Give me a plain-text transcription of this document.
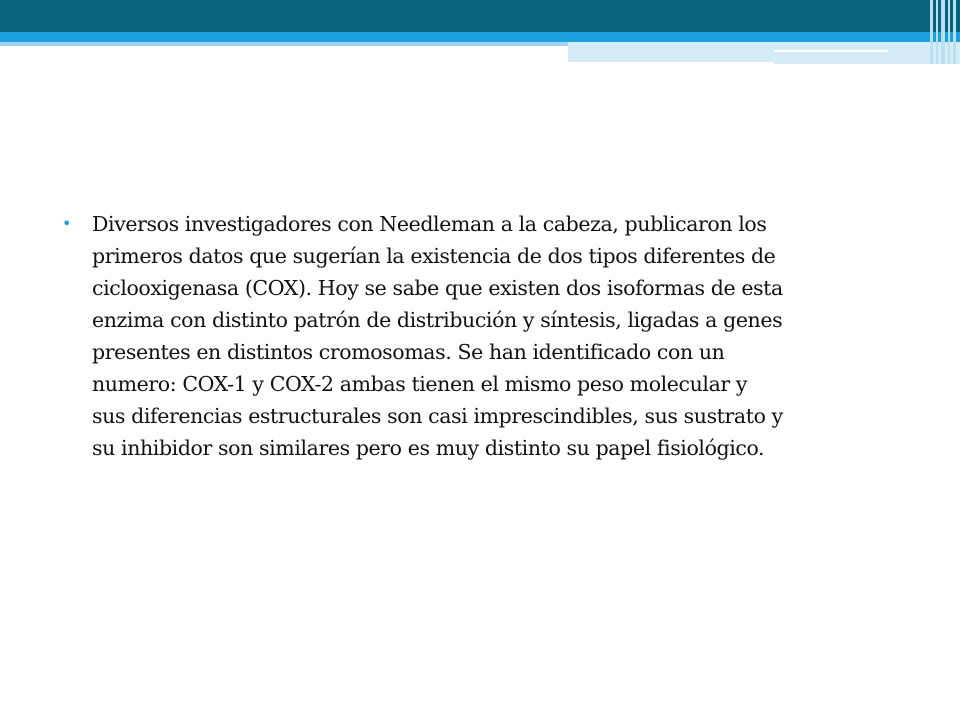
•	Diversos investigadores con Needleman a la cabeza, publicaron los
primeros datos que sugerían la existencia de dos tipos diferentes de
ciclooxigenasa (COX). Hoy se sabe que existen dos isoformas de esta
enzima con distinto patrón de distribución y síntesis, ligadas a genes
presentes en distintos cromosomas. Se han identificado con un
numero: COX-1 y COX-2 ambas tienen el mismo peso molecular y
sus diferencias estructurales son casi imprescindibles, sus sustrato y
su inhibidor son similares pero es muy distinto su papel fisiológico.
